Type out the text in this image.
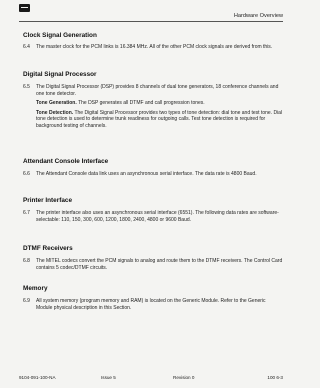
Hardware Overview
Clock Signal Generation
6.4 The master clock for the PCM links is 16.384 MHz. All of the other PCM clock signals are derived from this.

Digital Signal Processor
6.5 The Digital Signal Processor (DSP) provides 8 channels of dual tone generators, 18 conference channels and one tone detector.

Tone Generation. The DSP generates all DTMF and call progression tones.

Tone Detection. The Digital Signal Processor provides two types of tone detection: dial tone and test tone. Dial tone detection is used to determine trunk readiness for outgoing calls. Test tone detection is required for background testing of channels.

Attendant Console Interface
6.6 The Attendant Console data link uses an asynchronous serial interface. The data rate is 4800 Baud.

Printer Interface
6.7 The printer interface also uses an asynchronous serial interface (6551). The following data rates are software-selectable: 110, 150, 300, 600, 1200, 1800, 2400, 4800 or 9600 Baud.

DTMF Receivers
6.8 The MITEL codecs convert the PCM signals to analog and route them to the DTMF receivers. The Control Card contains 5 codec/DTMF circuits.

Memory
6.9 All system memory (program memory and RAM) is located on the Generic Module. Refer to the Generic Module physical description in this Section.

9104-091-100-NA	Issue 5	Revision 0	100 6-3
